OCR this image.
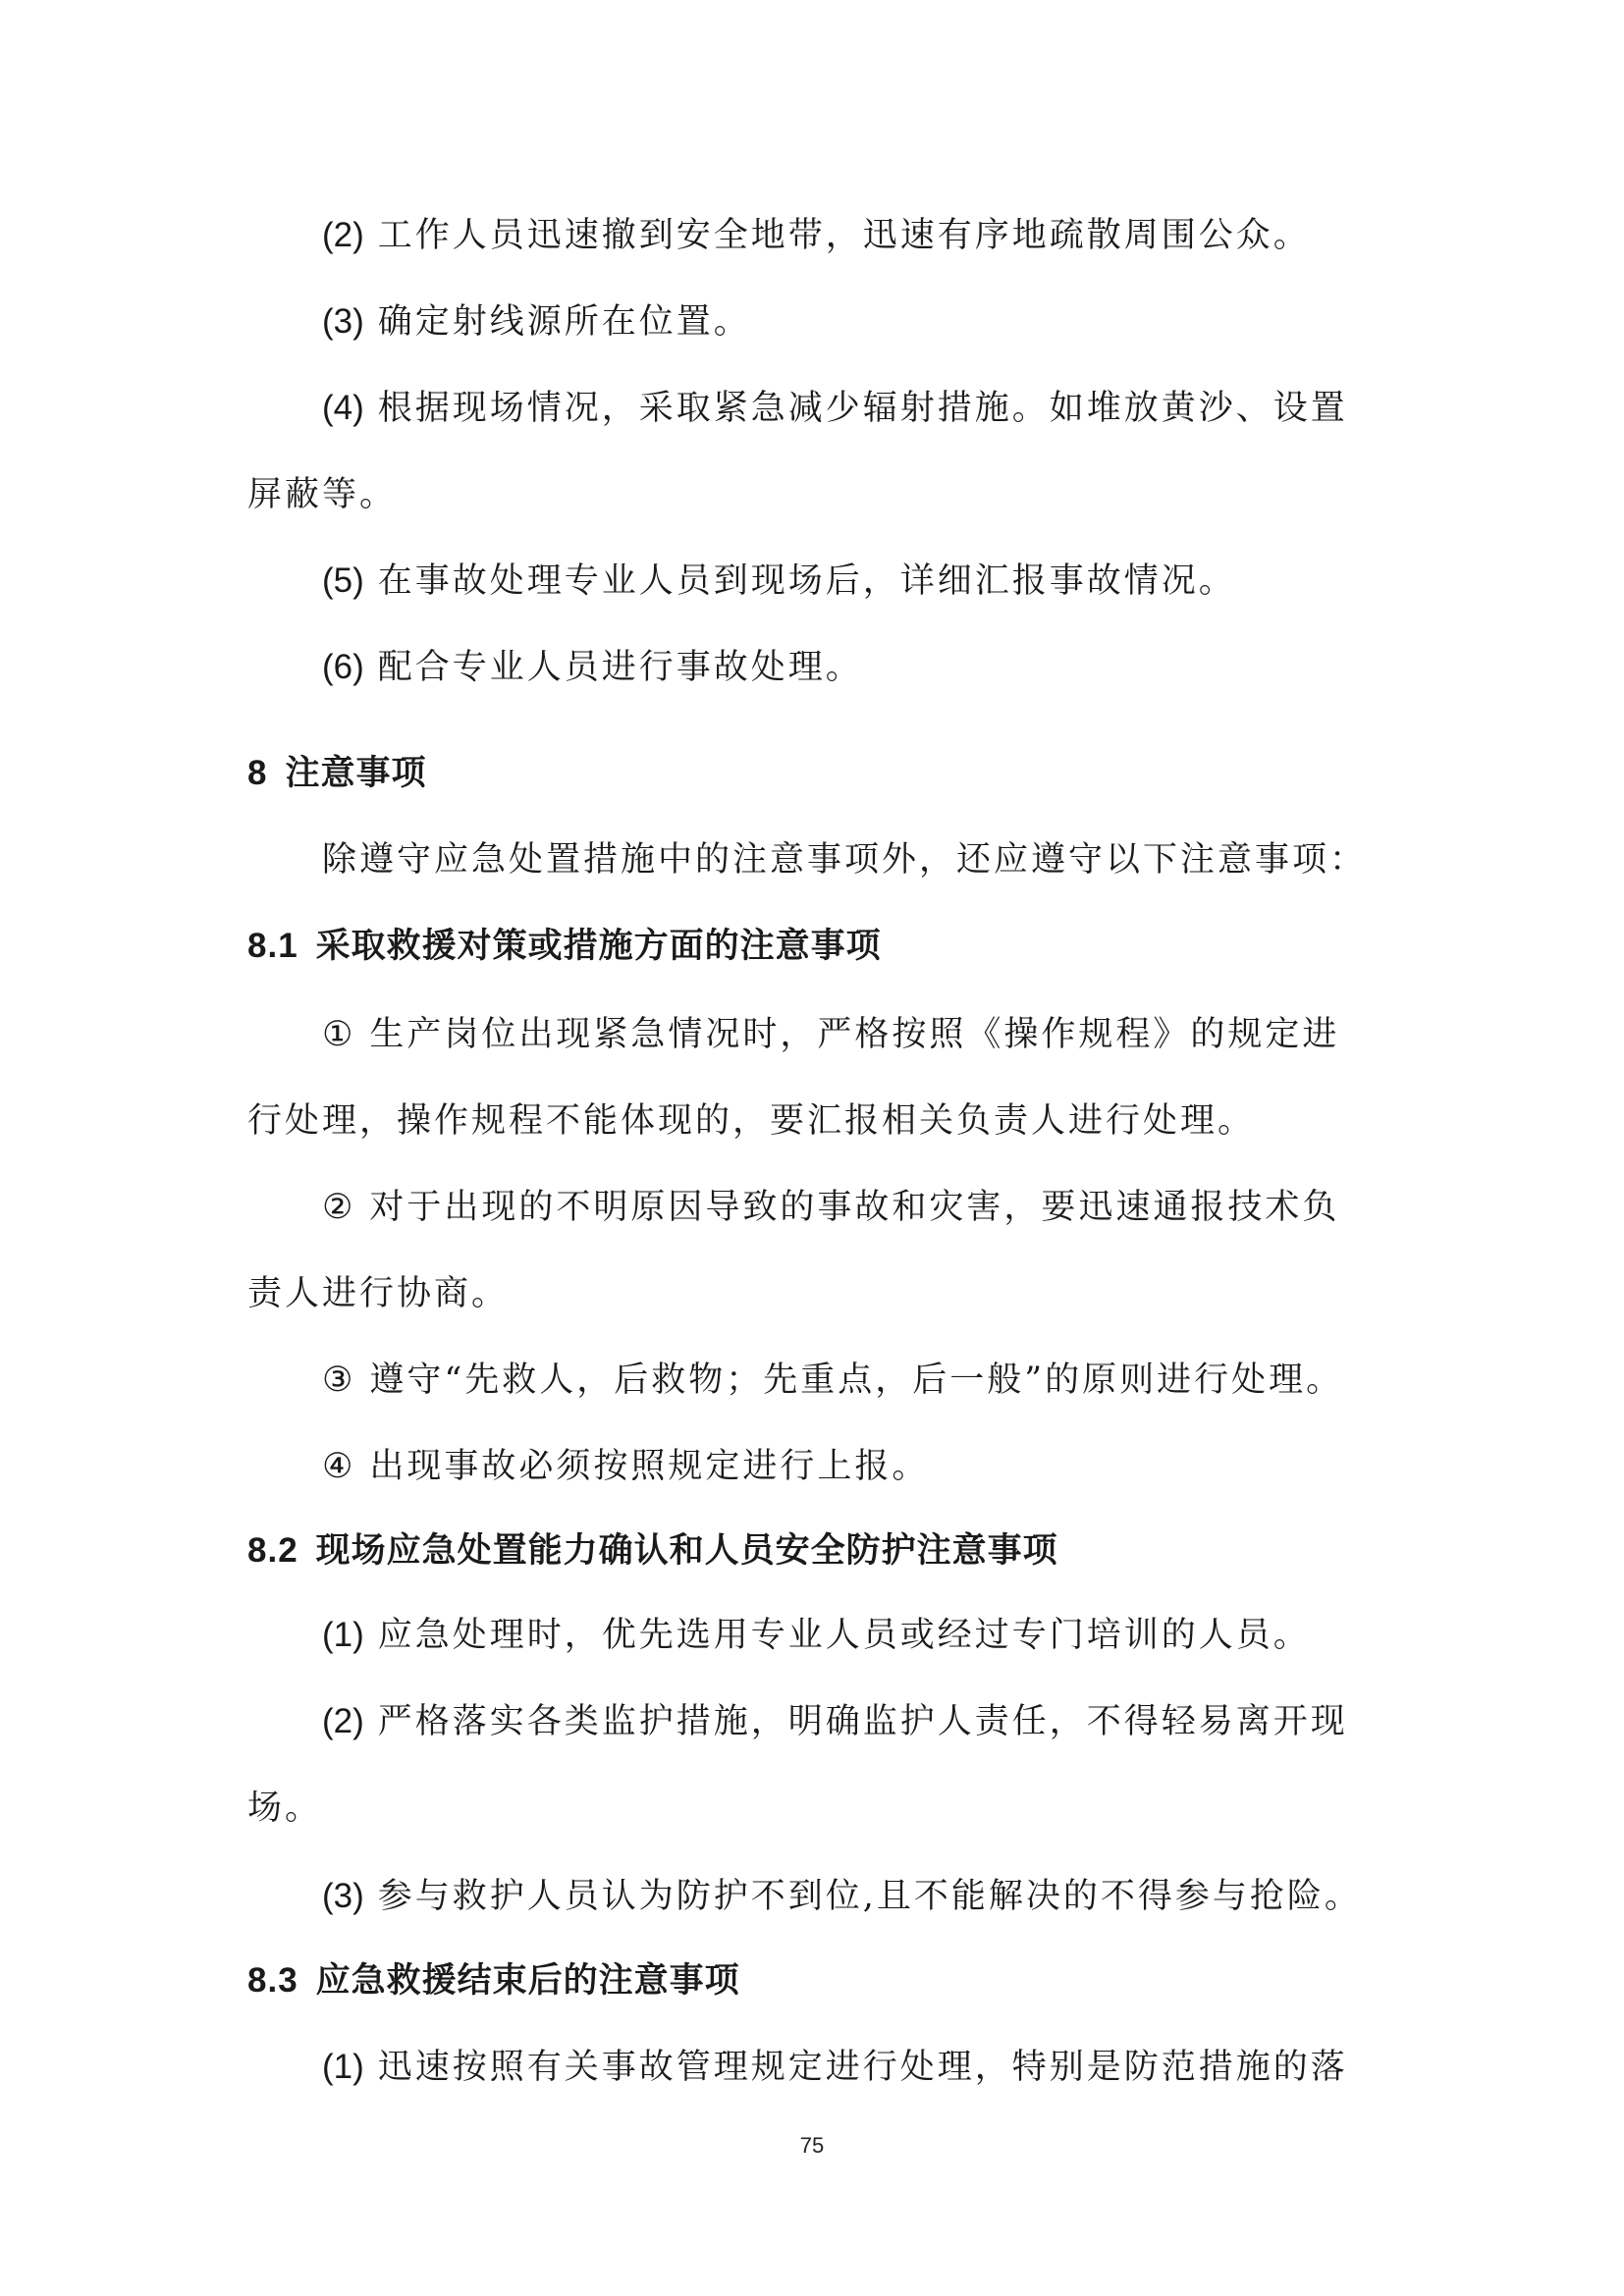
(2) 工作人员迅速撤到安全地带，迅速有序地疏散周围公众。
(3) 确定射线源所在位置。
(4) 根据现场情况，采取紧急减少辐射措施。如堆放黄沙、设置
屏蔽等。
(5) 在事故处理专业人员到现场后，详细汇报事故情况。
(6) 配合专业人员进行事故处理。
8 注意事项
除遵守应急处置措施中的注意事项外，还应遵守以下注意事项：
8.1 采取救援对策或措施方面的注意事项
① 生产岗位出现紧急情况时，严格按照《操作规程》的规定进
行处理，操作规程不能体现的，要汇报相关负责人进行处理。
② 对于出现的不明原因导致的事故和灾害，要迅速通报技术负
责人进行协商。
③ 遵守“先救人，后救物；先重点，后一般”的原则进行处理。
④ 出现事故必须按照规定进行上报。
8.2 现场应急处置能力确认和人员安全防护注意事项
(1) 应急处理时，优先选用专业人员或经过专门培训的人员。
(2) 严格落实各类监护措施，明确监护人责任，不得轻易离开现
场。
(3) 参与救护人员认为防护不到位,且不能解决的不得参与抢险。
8.3 应急救援结束后的注意事项
(1) 迅速按照有关事故管理规定进行处理，特别是防范措施的落
75
